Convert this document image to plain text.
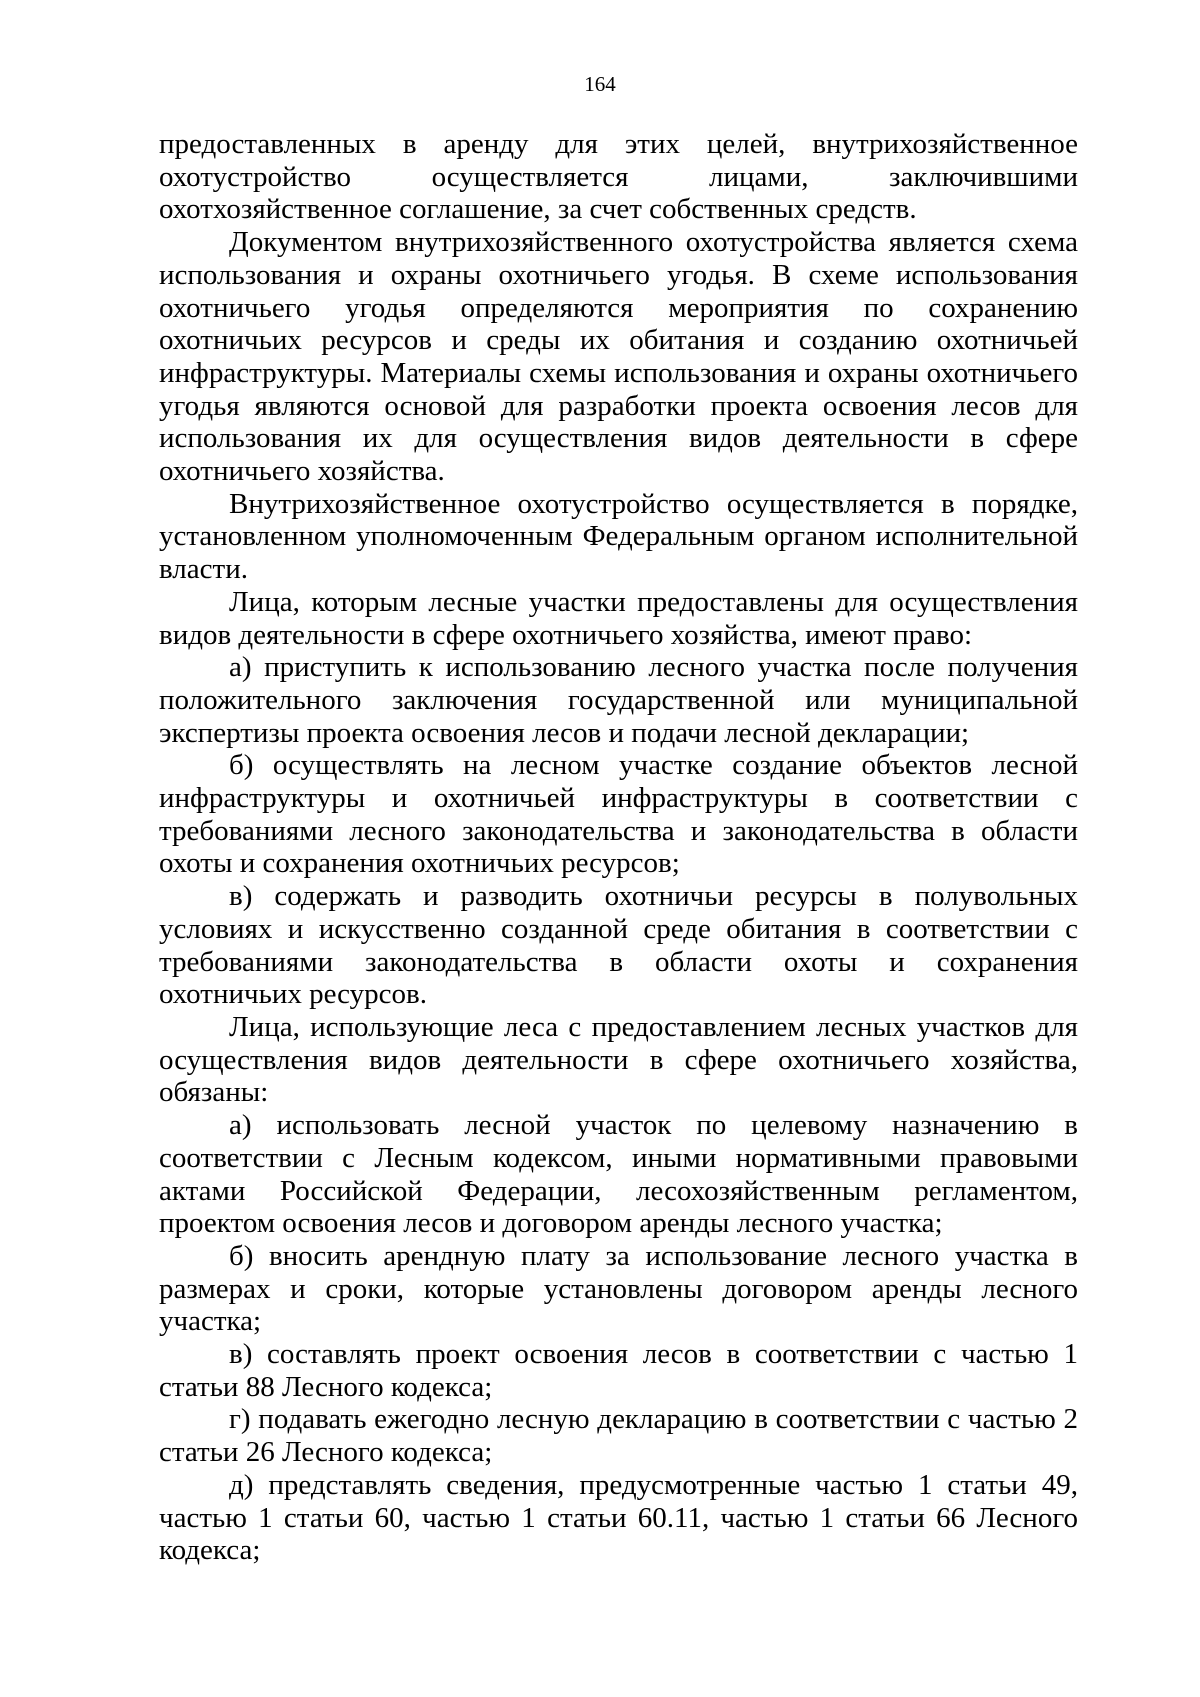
164

предоставленных в аренду для этих целей, внутрихозяйственное охотустройство осуществляется лицами, заключившими охотхозяйственное соглашение, за счет собственных средств.

Документом внутрихозяйственного охотустройства является схема использования и охраны охотничьего угодья. В схеме использования охотничьего угодья определяются мероприятия по сохранению охотничьих ресурсов и среды их обитания и созданию охотничьей инфраструктуры. Материалы схемы использования и охраны охотничьего угодья являются основой для разработки проекта освоения лесов для использования их для осуществления видов деятельности в сфере охотничьего хозяйства.

Внутрихозяйственное охотустройство осуществляется в порядке, установленном уполномоченным Федеральным органом исполнительной власти.

Лица, которым лесные участки предоставлены для осуществления видов деятельности в сфере охотничьего хозяйства, имеют право:

а) приступить к использованию лесного участка после получения положительного заключения государственной или муниципальной экспертизы проекта освоения лесов и подачи лесной декларации;

б) осуществлять на лесном участке создание объектов лесной инфраструктуры и охотничьей инфраструктуры в соответствии с требованиями лесного законодательства и законодательства в области охоты и сохранения охотничьих ресурсов;

в) содержать и разводить охотничьи ресурсы в полувольных условиях и искусственно созданной среде обитания в соответствии с требованиями законодательства в области охоты и сохранения охотничьих ресурсов.

Лица, использующие леса с предоставлением лесных участков для осуществления видов деятельности в сфере охотничьего хозяйства, обязаны:

а) использовать лесной участок по целевому назначению в соответствии с Лесным кодексом, иными нормативными правовыми актами Российской Федерации, лесохозяйственным регламентом, проектом освоения лесов и договором аренды лесного участка;

б) вносить арендную плату за использование лесного участка в размерах и сроки, которые установлены договором аренды лесного участка;

в) составлять проект освоения лесов в соответствии с частью 1 статьи 88 Лесного кодекса;

г) подавать ежегодно лесную декларацию в соответствии с частью 2 статьи 26 Лесного кодекса;

д) представлять сведения, предусмотренные частью 1 статьи 49, частью 1 статьи 60, частью 1 статьи 60.11, частью 1 статьи 66 Лесного кодекса;
